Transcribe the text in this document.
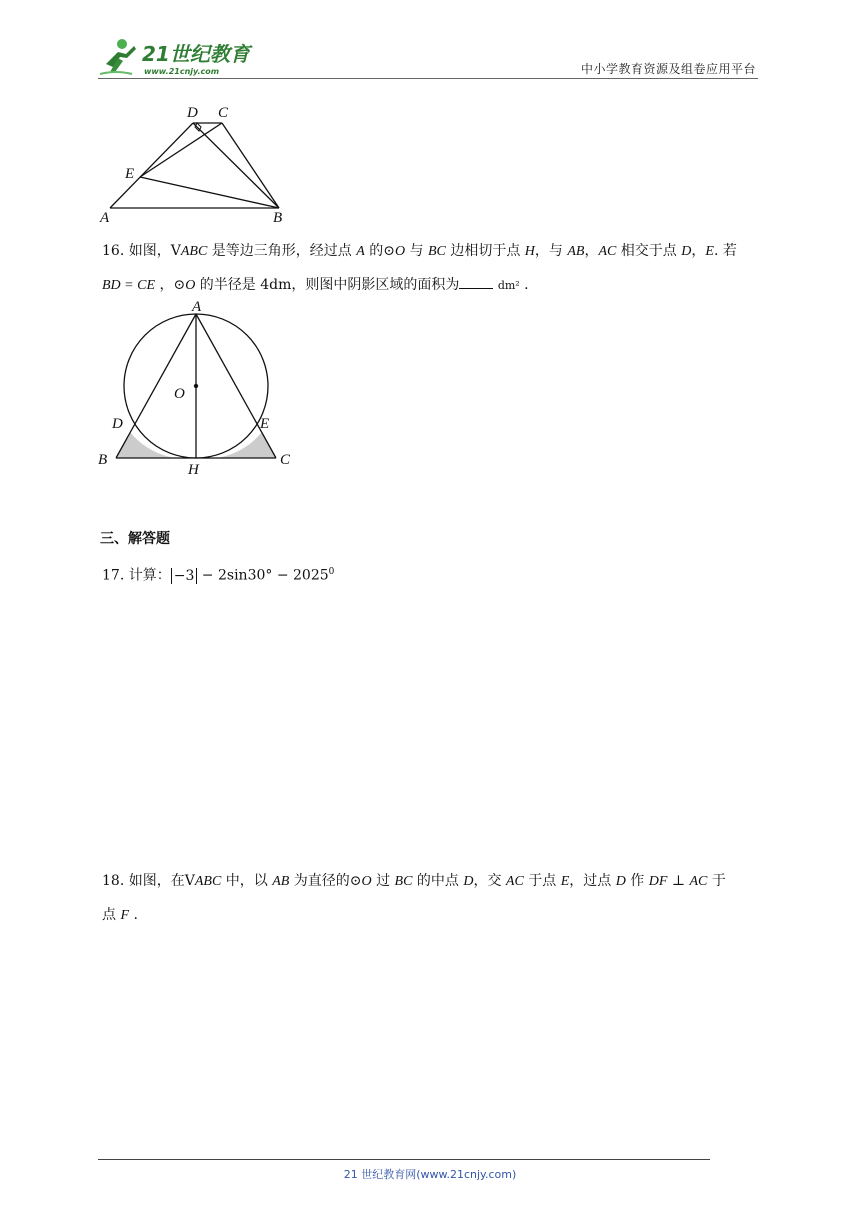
21世纪教育
www.21cnjy.com	中小学教育资源及组卷应用平台
D C
E
A	B
16. 如图，VABC 是等边三角形，经过点 A 的⊙O 与 BC 边相切于点 H，与 AB，AC 相交于点 D，E. 若
BD = CE ，⊙O 的半径是 4dm，则图中阴影区域的面积为	dm² .
A
O
D	E
B
H
C
三、解答题
17. 计算： $-3 - 2\sin 30^\circ - 2025^0$
18. 如图，在VABC 中，以 AB 为直径的⊙O 过 BC 的中点 D，交 AC 于点 E，过点 D 作 DF ⊥ AC 于
点 F .
21 世纪教育网(www.21cnjy.com)
